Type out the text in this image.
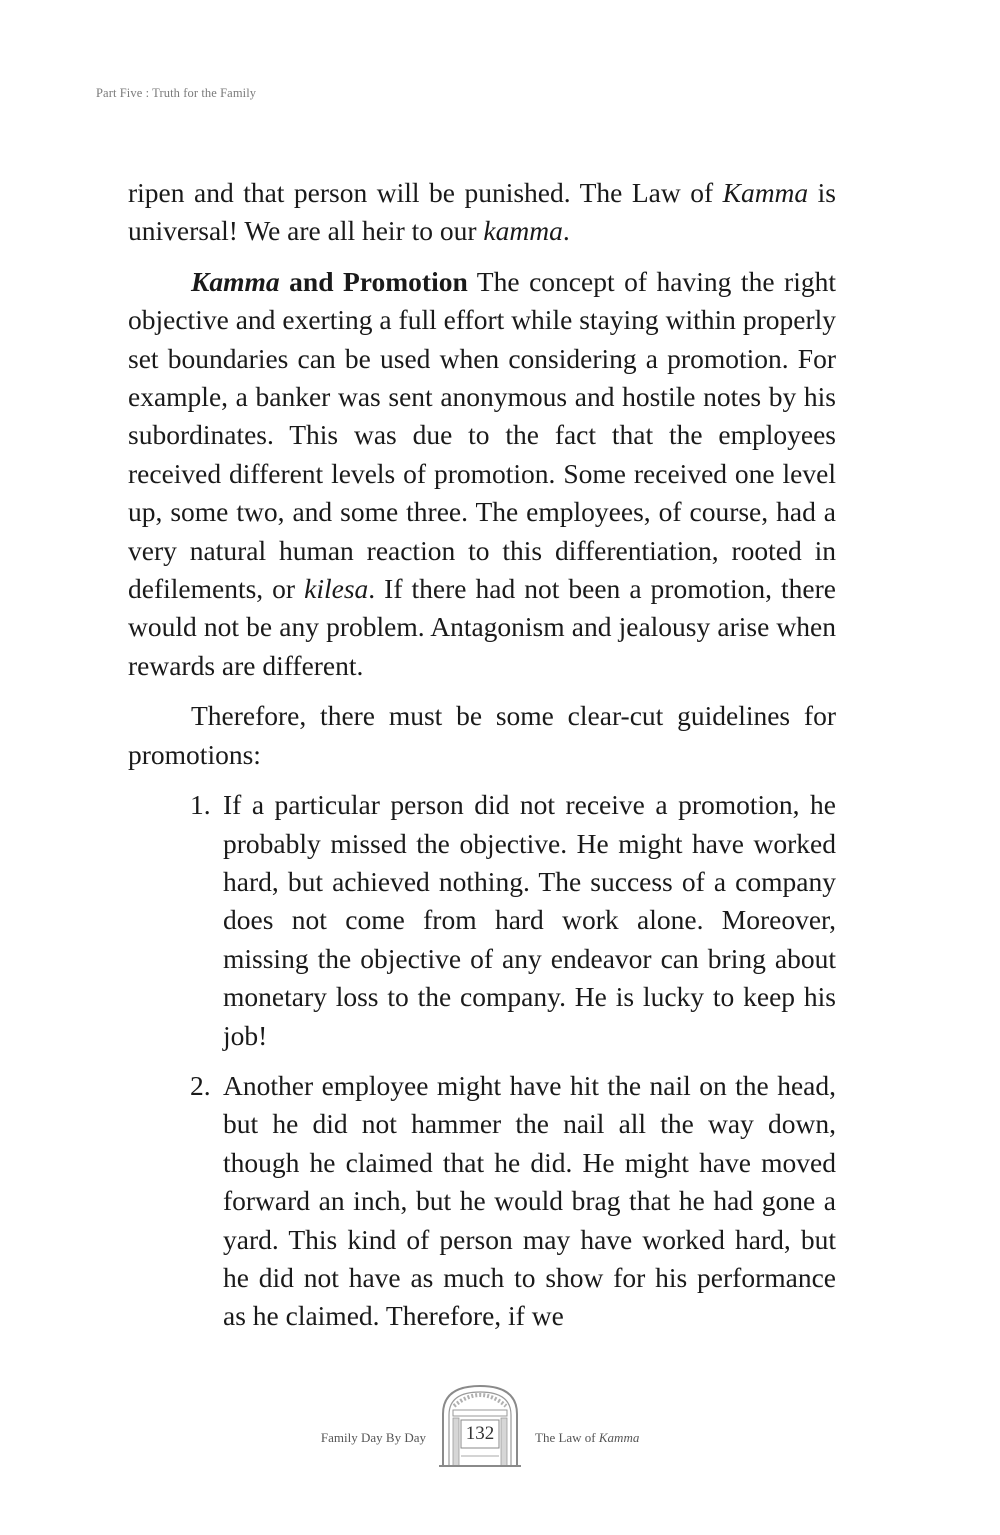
Part Five : Truth for the Family

ripen and that person will be punished. The Law of Kamma is universal! We are all heir to our kamma.

Kamma and Promotion The concept of having the right objective and exerting a full effort while staying within properly set boundaries can be used when considering a promotion. For example, a banker was sent anonymous and hostile notes by his subordinates. This was due to the fact that the employees received different levels of promotion. Some received one level up, some two, and some three. The employees, of course, had a very natural human reaction to this differentiation, rooted in defilements, or kilesa. If there had not been a promotion, there would not be any problem. Antagonism and jealousy arise when rewards are different.

Therefore, there must be some clear-cut guidelines for promotions:

1. If a particular person did not receive a promotion, he probably missed the objective. He might have worked hard, but achieved nothing. The success of a company does not come from hard work alone. Moreover, missing the objective of any endeavor can bring about monetary loss to the company. He is lucky to keep his job!
2. Another employee might have hit the nail on the head, but he did not hammer the nail all the way down, though he claimed that he did. He might have moved forward an inch, but he would brag that he had gone a yard. This kind of person may have worked hard, but he did not have as much to show for his performance as he claimed. Therefore, if we
Family Day By Day	132	The Law of Kamma
